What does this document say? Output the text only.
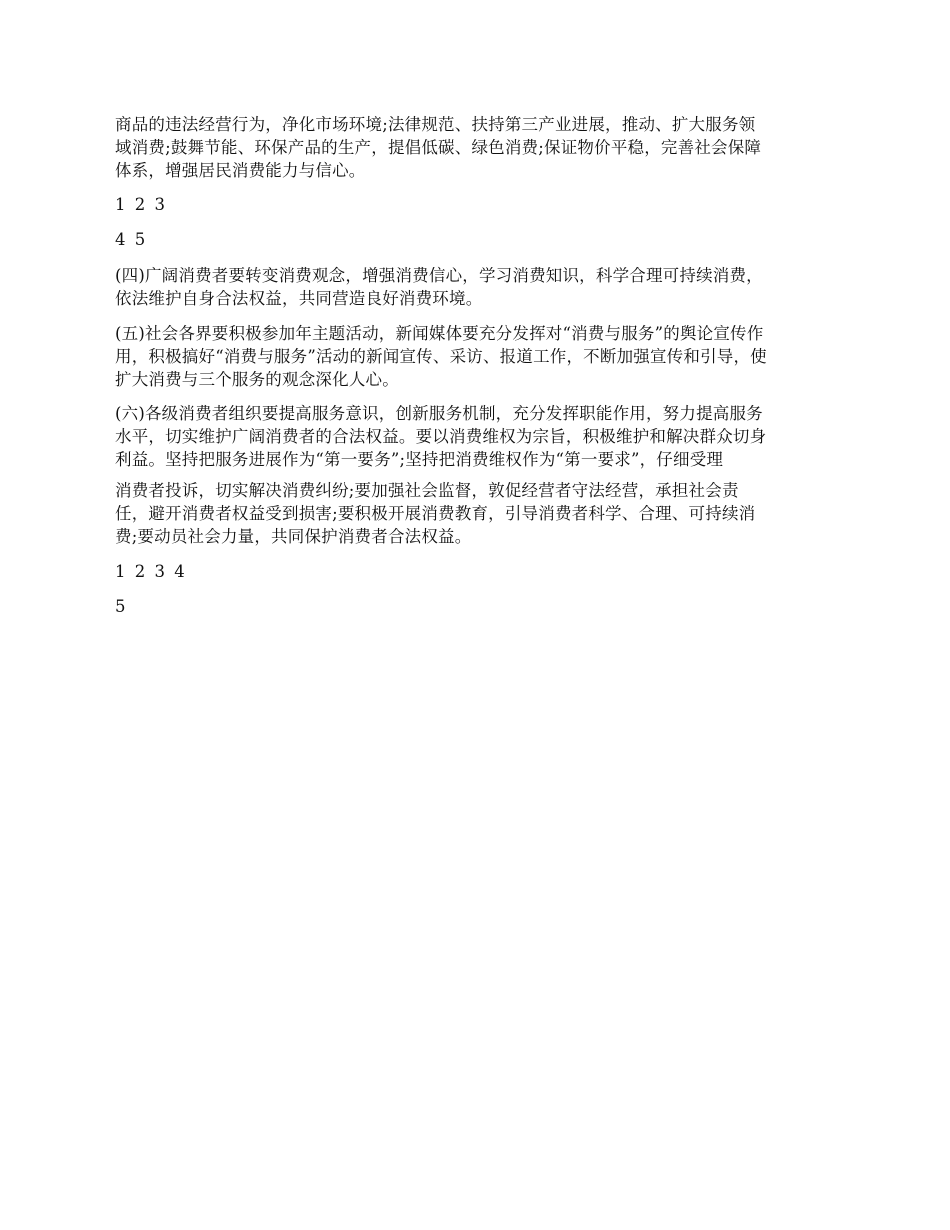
商品的违法经营行为，净化市场环境;法律规范、扶持第三产业进展，推动、扩大服务领
域消费;鼓舞节能、环保产品的生产，提倡低碳、绿色消费;保证物价平稳，完善社会保障
体系，增强居民消费能力与信心。

1 2 3

4 5

(四)广阔消费者要转变消费观念，增强消费信心，学习消费知识，科学合理可持续消费，
依法维护自身合法权益，共同营造良好消费环境。

(五)社会各界要积极参加年主题活动，新闻媒体要充分发挥对“消费与服务”的舆论宣传作
用，积极搞好“消费与服务”活动的新闻宣传、采访、报道工作，不断加强宣传和引导，使
扩大消费与三个服务的观念深化人心。

(六)各级消费者组织要提高服务意识，创新服务机制，充分发挥职能作用，努力提高服务
水平，切实维护广阔消费者的合法权益。要以消费维权为宗旨，积极维护和解决群众切身
利益。坚持把服务进展作为“第一要务”;坚持把消费维权作为“第一要求”，仔细受理

消费者投诉，切实解决消费纠纷;要加强社会监督，敦促经营者守法经营，承担社会责
任，避开消费者权益受到损害;要积极开展消费教育，引导消费者科学、合理、可持续消
费;要动员社会力量，共同保护消费者合法权益。

1 2 3 4

5
